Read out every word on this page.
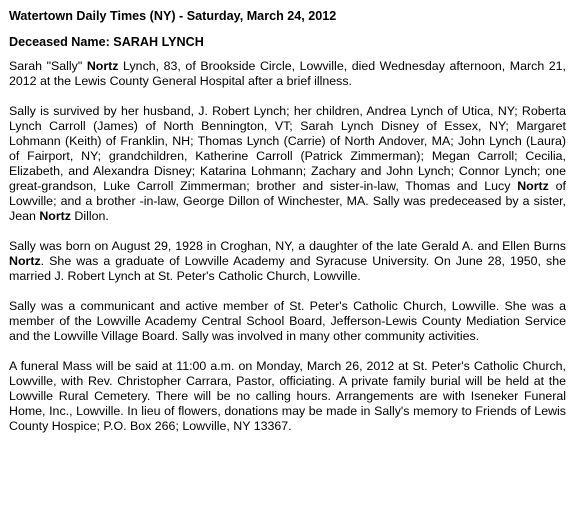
Watertown Daily Times (NY) - Saturday, March 24, 2012
Deceased Name: SARAH LYNCH

Sarah "Sally" Nortz Lynch, 83, of Brookside Circle, Lowville, died Wednesday afternoon, March 21, 2012 at the Lewis County General Hospital after a brief illness.

Sally is survived by her husband, J. Robert Lynch; her children, Andrea Lynch of Utica, NY; Roberta Lynch Carroll (James) of North Bennington, VT; Sarah Lynch Disney of Essex, NY; Margaret Lohmann (Keith) of Franklin, NH; Thomas Lynch (Carrie) of North Andover, MA; John Lynch (Laura) of Fairport, NY; grandchildren, Katherine Carroll (Patrick Zimmerman); Megan Carroll; Cecilia, Elizabeth, and Alexandra Disney; Katarina Lohmann; Zachary and John Lynch; Connor Lynch; one great-grandson, Luke Carroll Zimmerman; brother and sister-in-law, Thomas and Lucy Nortz of Lowville; and a brother -in-law, George Dillon of Winchester, MA. Sally was predeceased by a sister, Jean Nortz Dillon.

Sally was born on August 29, 1928 in Croghan, NY, a daughter of the late Gerald A. and Ellen Burns Nortz. She was a graduate of Lowville Academy and Syracuse University. On June 28, 1950, she married J. Robert Lynch at St. Peter's Catholic Church, Lowville.

Sally was a communicant and active member of St. Peter's Catholic Church, Lowville. She was a member of the Lowville Academy Central School Board, Jefferson-Lewis County Mediation Service and the Lowville Village Board. Sally was involved in many other community activities.

A funeral Mass will be said at 11:00 a.m. on Monday, March 26, 2012 at St. Peter's Catholic Church, Lowville, with Rev. Christopher Carrara, Pastor, officiating. A private family burial will be held at the Lowville Rural Cemetery. There will be no calling hours. Arrangements are with Iseneker Funeral Home, Inc., Lowville. In lieu of flowers, donations may be made in Sally's memory to Friends of Lewis County Hospice; P.O. Box 266; Lowville, NY 13367.
